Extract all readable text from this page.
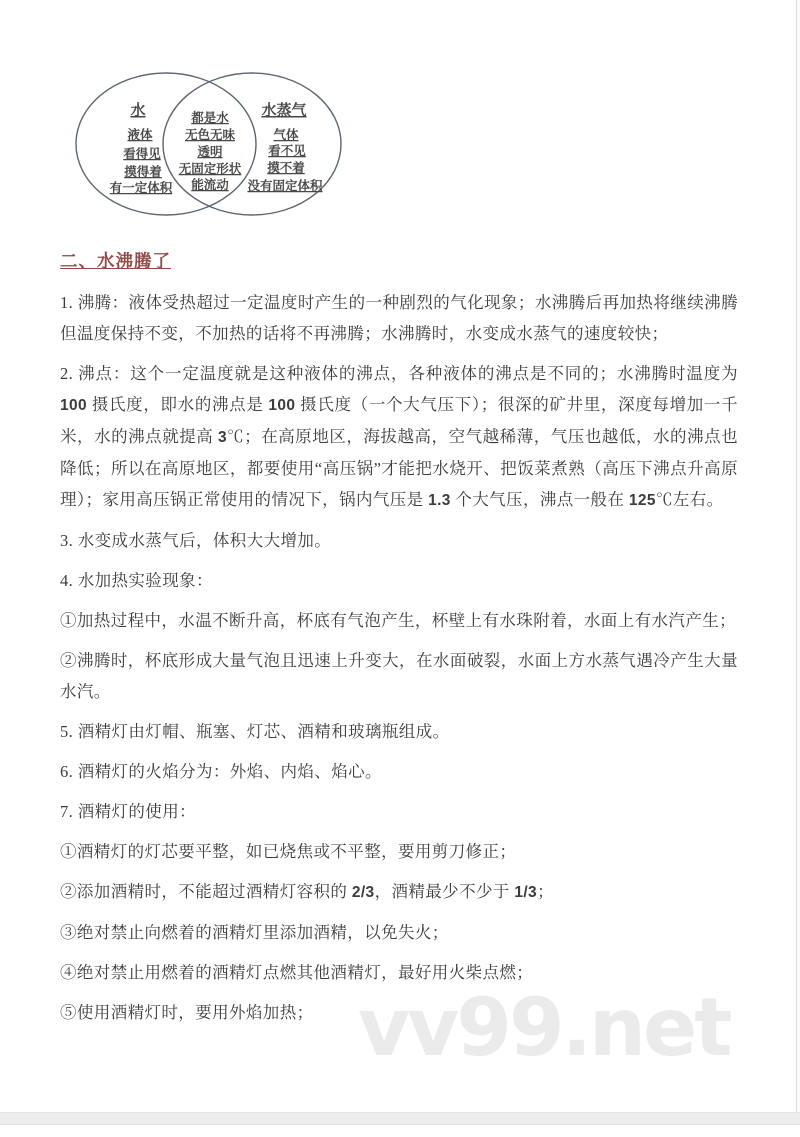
水
液体
看得见
摸得着
有一定体积
都是水
无色无味
透明
无固定形状
能流动
水蒸气
气体
看不见
摸不着
没有固定体积
二、水沸腾了

1. 沸腾：液体受热超过一定温度时产生的一种剧烈的气化现象；水沸腾后再加热将继续沸腾但温度保持不变，不加热的话将不再沸腾；水沸腾时，水变成水蒸气的速度较快；

2. 沸点：这个一定温度就是这种液体的沸点，各种液体的沸点是不同的；水沸腾时温度为 100 摄氏度，即水的沸点是 100 摄氏度（一个大气压下）；很深的矿井里，深度每增加一千米，水的沸点就提高 3℃；在高原地区，海拔越高，空气越稀薄，气压也越低，水的沸点也降低；所以在高原地区，都要使用“高压锅”才能把水烧开、把饭菜煮熟（高压下沸点升高原理）；家用高压锅正常使用的情况下，锅内气压是 1.3 个大气压，沸点一般在 125℃左右。

3. 水变成水蒸气后，体积大大增加。

4. 水加热实验现象：

①加热过程中，水温不断升高，杯底有气泡产生，杯壁上有水珠附着，水面上有水汽产生；

②沸腾时，杯底形成大量气泡且迅速上升变大，在水面破裂，水面上方水蒸气遇冷产生大量水汽。

5. 酒精灯由灯帽、瓶塞、灯芯、酒精和玻璃瓶组成。

6. 酒精灯的火焰分为：外焰、内焰、焰心。

7. 酒精灯的使用：

①酒精灯的灯芯要平整，如已烧焦或不平整，要用剪刀修正；

②添加酒精时，不能超过酒精灯容积的 2/3，酒精最少不少于 1/3；

③绝对禁止向燃着的酒精灯里添加酒精，以免失火；

④绝对禁止用燃着的酒精灯点燃其他酒精灯，最好用火柴点燃；

⑤使用酒精灯时，要用外焰加热； vv99.net
